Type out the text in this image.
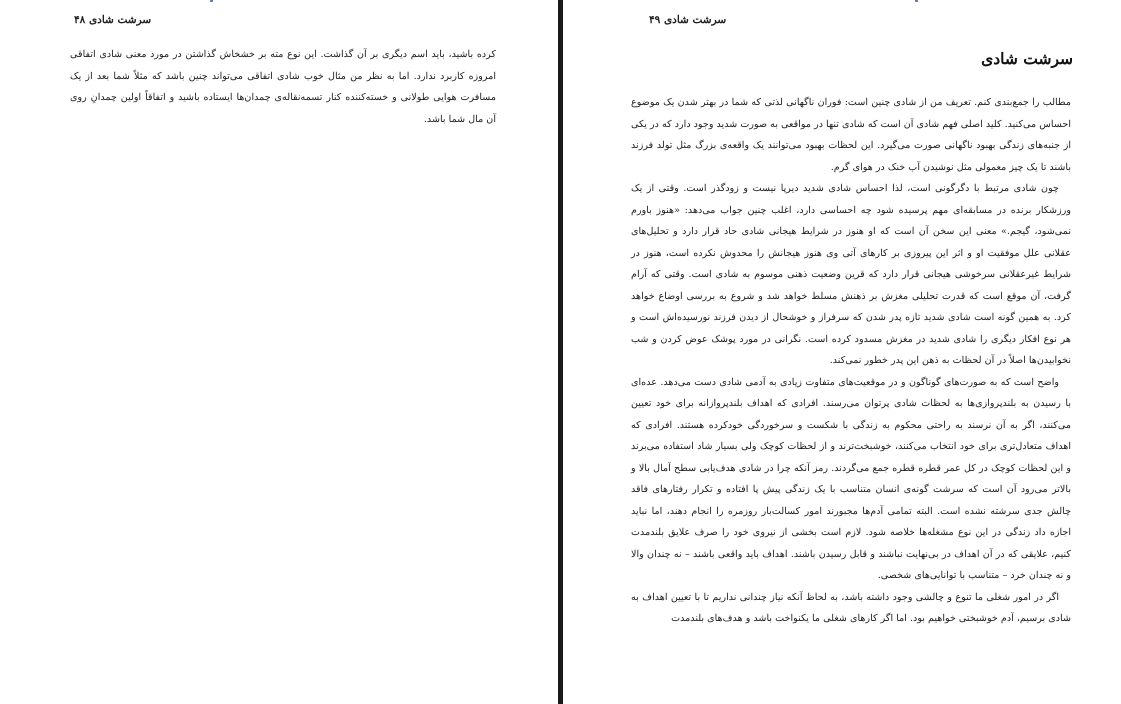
سرشت شادی ۴۸

کرده باشید، باید اسم دیگری بر آن گذاشت. این نوع مته بر خشخاش گذاشتن در مورد معنی شادی اتفاقی امروزه کاربرد ندارد. اما به نظر من مثال خوب شادی اتفاقی می‌تواند چنین باشد که مثلاً شما بعد از یک مسافرت هوایی طولانی و خسته‌کننده کنار تسمه‌نقاله‌ی چمدان‌ها ایستاده باشید و اتفاقاً اولین چمدانِ روی آن مال شما باشد.

سرشت شادی ۴۹
سرشت شادی

مطالب را جمع‌بندی کنم. تعریف من از شادی چنین است: فوران ناگهانی لذتی که شما در بهتر شدن یک موضوع احساس می‌کنید. کلید اصلی فهم شادی آن است که شادی تنها در مواقعی به صورت شدید وجود دارد که در یکی از جنبه‌های زندگی بهبود ناگهانی صورت می‌گیرد. این لحظات بهبود می‌توانند یک واقعه‌ی بزرگ مثل تولد فرزند باشند تا یک چیز معمولی مثل نوشیدن آب خنک در هوای گرم.

چون شادی مرتبط با دگرگونی است، لذا احساس شادی شدید دیرپا نیست و زودگذر است. وقتی از یک ورزشکار برنده در مسابقه‌ای مهم پرسیده شود چه احساسی دارد، اغلب چنین جواب می‌دهد: «هنوز باورم نمی‌شود، گیجم.» معنی این سخن آن است که او هنوز در شرایط هیجانی شادی حاد قرار دارد و تحلیل‌های عقلانی علل موفقیت او و اثر این پیروزی بر کارهای آتی وی هنوز هیجانش را محدوش نکرده است، هنوز در شرایط غیرعقلانی سرخوشی هیجانی قرار دارد که قرین وضعیت ذهنی موسوم به شادی است. وقتی که آرام گرفت، آن موقع است که قدرت تحلیلی مغزش بر ذهنش مسلط خواهد شد و شروع به بررسی اوضاع خواهد کرد. به همین گونه است شادی شدید تازه پدر شدن که سرفراز و خوشحال از دیدن فرزند نورسیده‌اش است و هر نوع افکار دیگری را شادی شدید در مغزش مسدود کرده است. نگرانی در مورد پوشک عوض کردن و شب نخوابیدن‌ها اصلاً در آن لحظات به ذهن این پدر خطور نمی‌کند.

واضح است که به صورت‌های گوناگون و در موقعیت‌های متفاوت زیادی به آدمی شادی دست می‌دهد. عده‌ای با رسیدن به بلندپروازی‌ها به لحظات شادی پرتوان می‌رسند. افرادی که اهداف بلندپروازانه برای خود تعیین می‌کنند، اگر به آن نرسند به راحتی محکوم به زندگی با شکست و سرخوردگی خودکرده هستند. افرادی که اهداف متعادل‌تری برای خود انتخاب می‌کنند، خوشبخت‌ترند و از لحظات کوچک ولی بسیار شاد استفاده می‌برند و این لحظات کوچک در کل عمر قطره قطره جمع می‌گردند. رمز آنکه چرا در شادی هدف‌یابی سطح آمال بالا و بالاتر می‌رود آن است که سرشت گونه‌ی انسان متناسب با یک زندگی پیش پا افتاده و تکرار رفتارهای فاقد چالش جدی سرشته نشده است. البته تمامی آدم‌ها مجبورند امور کسالت‌بار روزمره را انجام دهند، اما نباید اجازه داد زندگی در این نوع مشغله‌ها خلاصه شود. لازم است بخشی از نیروی خود را صرف علایق بلندمدت کنیم، علایقی که در آن اهداف در بی‌نهایت نباشند و قابل رسیدن باشند. اهداف باید واقعی باشند – نه چندان والا و نه چندان خرد – متناسب با توانایی‌های شخصی.

اگر در امور شغلی ما تنوع و چالشی وجود داشته باشد، به لحاظ آنکه نیاز چندانی نداریم تا با تعیین اهداف به شادی برسیم، آدم خوشبختی خواهیم بود. اما اگر کارهای شغلی ما یکنواخت باشد و هدف‌های بلندمدت
